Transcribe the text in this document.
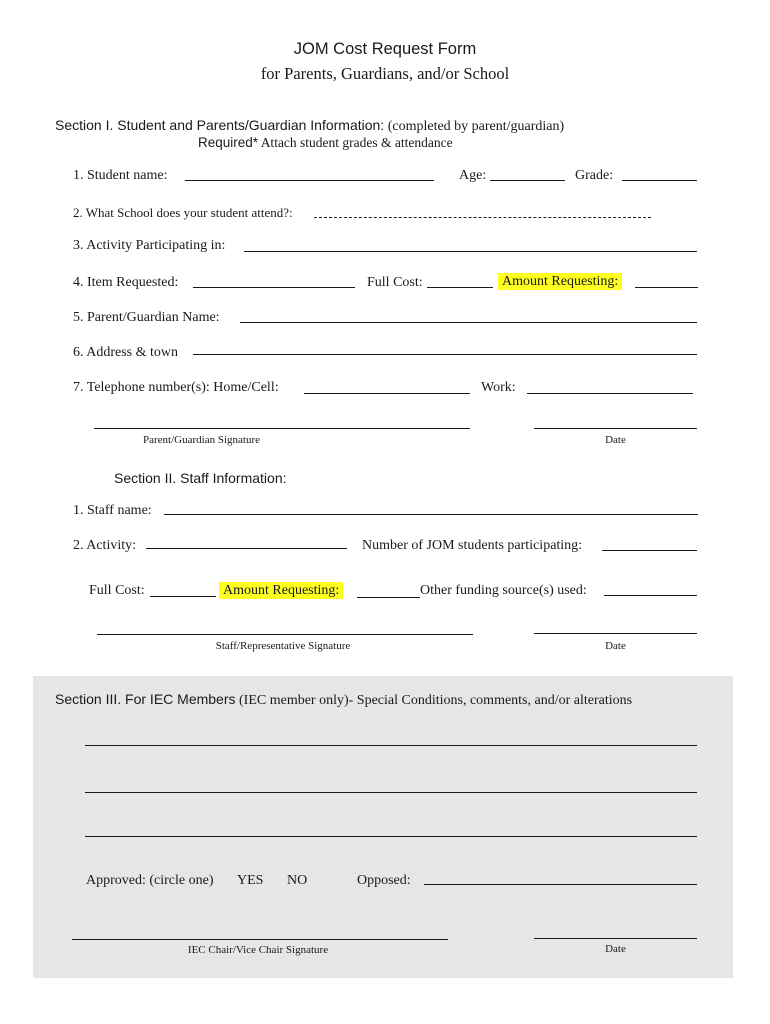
JOM Cost Request Form
for Parents, Guardians, and/or School
Section I. Student and Parents/Guardian Information: (completed by parent/guardian)
Required* Attach student grades & attendance
1. Student name:	Age:	Grade:
2. What School does your student attend?:
3. Activity Participating in:
4. Item Requested:	Full Cost:	Amount Requesting:
5. Parent/Guardian Name:
6. Address & town
7. Telephone number(s): Home/Cell:	Work:
Parent/Guardian Signature	Date
Section II. Staff Information:
1. Staff name:
2. Activity:	Number of JOM students participating:
Full Cost:	Amount Requesting:	Other funding source(s) used:
Staff/Representative Signature	Date
Section III. For IEC Members (IEC member only)- Special Conditions, comments, and/or alterations
Approved: (circle one) YES NO	Opposed:
IEC Chair/Vice Chair Signature	Date
